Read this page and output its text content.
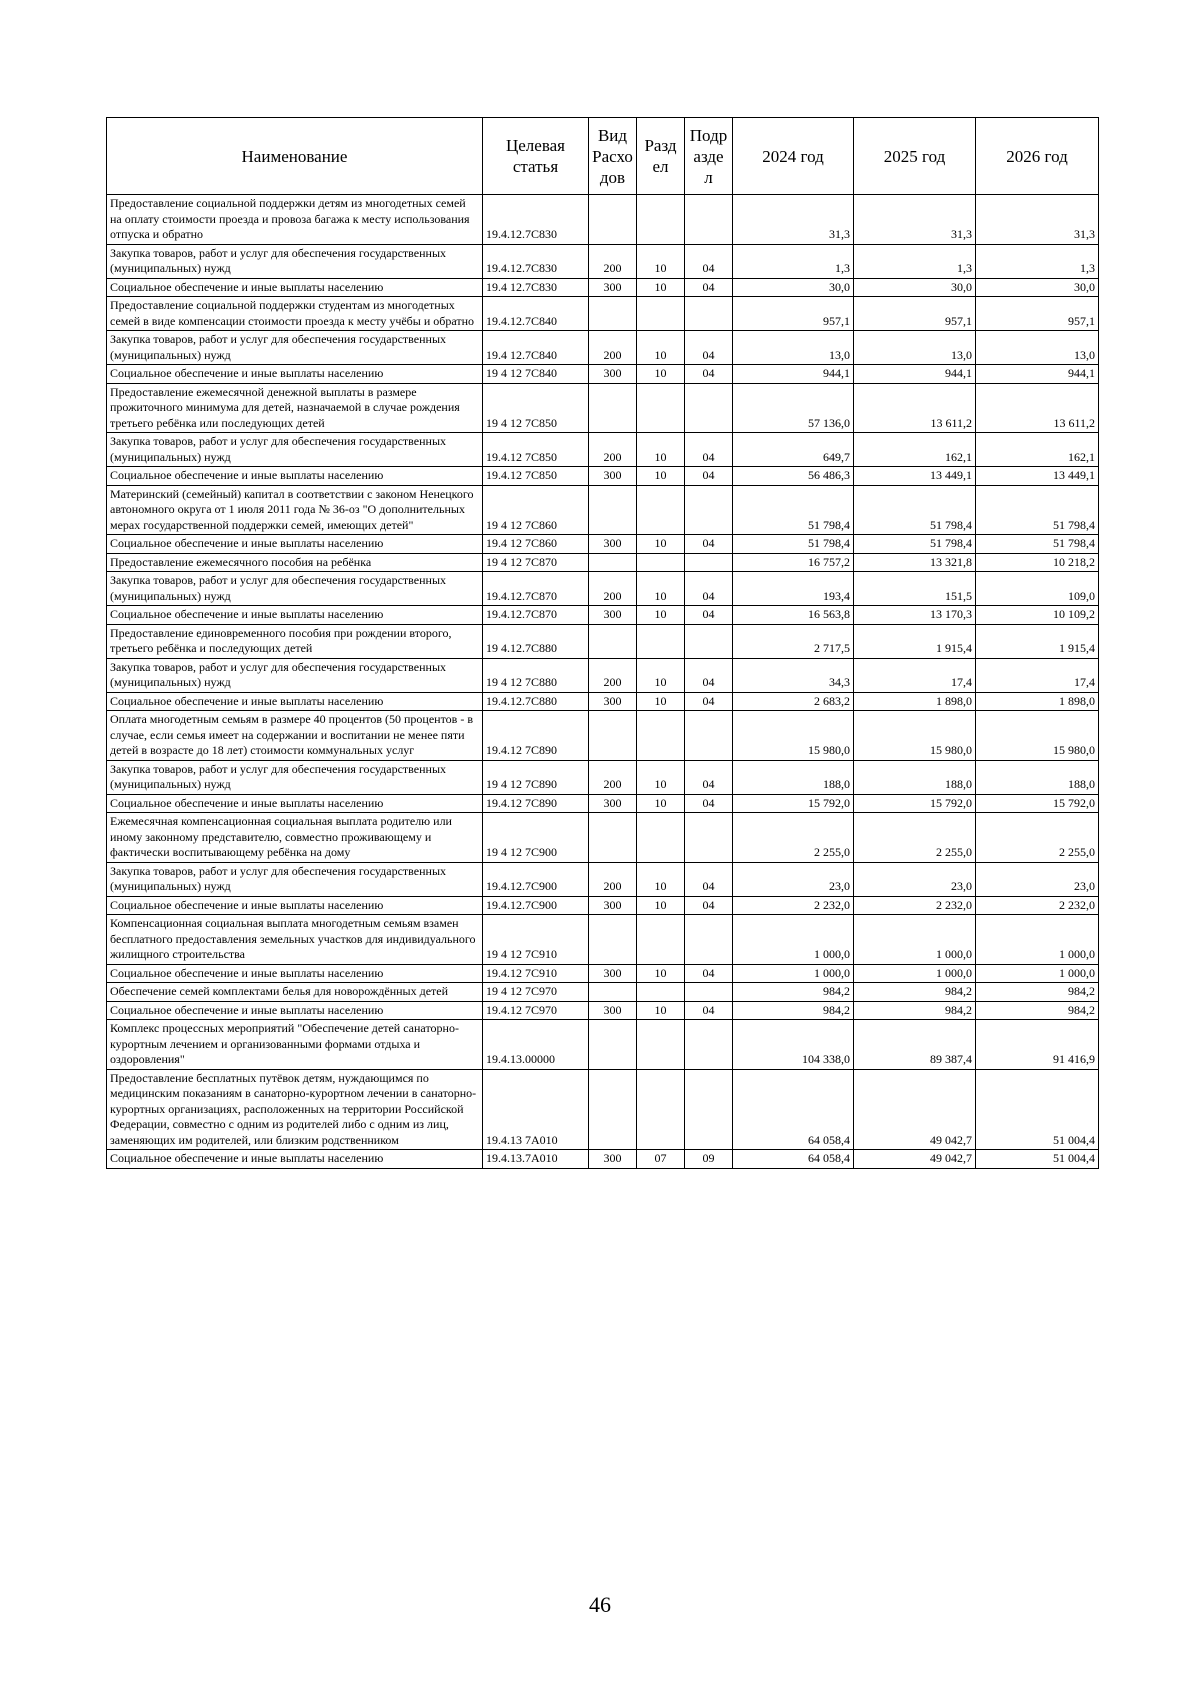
Наименование	Целевая статья	Вид Расхо дов	Разд ел	Подр азде л	2024 год	2025 год	2026 год
Предоставление социальной поддержки детям из многодетных семей на оплату стоимости проезда и провоза багажа к месту использования отпуска и обратно	19.4.12.7С830				31,3	31,3	31,3
Закупка товаров, работ и услуг для обеспечения государственных (муниципальных) нужд	19.4.12.7С830	200	10	04	1,3	1,3	1,3
Социальное обеспечение и иные выплаты населению	19.4 12.7С830	300	10	04	30,0	30,0	30,0
Предоставление социальной поддержки студентам из многодетных семей в виде компенсации стоимости проезда к месту учёбы и обратно	19.4.12.7С840				957,1	957,1	957,1
Закупка товаров, работ и услуг для обеспечения государственных (муниципальных) нужд	19.4 12.7С840	200	10	04	13,0	13,0	13,0
Социальное обеспечение и иные выплаты населению	19 4 12 7С840	300	10	04	944,1	944,1	944,1
Предоставление ежемесячной денежной выплаты в размере прожиточного минимума для детей, назначаемой в случае рождения третьего ребёнка или последующих детей	19 4 12 7С850				57 136,0	13 611,2	13 611,2
Закупка товаров, работ и услуг для обеспечения государственных (муниципальных) нужд	19.4.12 7С850	200	10	04	649,7	162,1	162,1
Социальное обеспечение и иные выплаты населению	19.4.12 7С850	300	10	04	56 486,3	13 449,1	13 449,1
Материнский (семейный) капитал в соответствии с законом Ненецкого автономного округа от 1 июля 2011 года № 36-оз "О дополнительных мерах государственной поддержки семей, имеющих детей"	19 4 12 7С860				51 798,4	51 798,4	51 798,4
Социальное обеспечение и иные выплаты населению	19.4 12 7С860	300	10	04	51 798,4	51 798,4	51 798,4
Предоставление ежемесячного пособия на ребёнка	19 4 12 7С870				16 757,2	13 321,8	10 218,2
Закупка товаров, работ и услуг для обеспечения государственных (муниципальных) нужд	19.4.12.7С870	200	10	04	193,4	151,5	109,0
Социальное обеспечение и иные выплаты населению	19.4.12.7С870	300	10	04	16 563,8	13 170,3	10 109,2
Предоставление единовременного пособия при рождении второго, третьего ребёнка и последующих детей	19 4.12.7С880				2 717,5	1 915,4	1 915,4
Закупка товаров, работ и услуг для обеспечения государственных (муниципальных) нужд	19 4 12 7С880	200	10	04	34,3	17,4	17,4
Социальное обеспечение и иные выплаты населению	19.4.12.7С880	300	10	04	2 683,2	1 898,0	1 898,0
Оплата многодетным семьям в размере 40 процентов (50 процентов - в случае, если семья имеет на содержании и воспитании не менее пяти детей в возрасте до 18 лет) стоимости коммунальных услуг	19.4.12 7С890				15 980,0	15 980,0	15 980,0
Закупка товаров, работ и услуг для обеспечения государственных (муниципальных) нужд	19 4 12 7С890	200	10	04	188,0	188,0	188,0
Социальное обеспечение и иные выплаты населению	19.4.12 7С890	300	10	04	15 792,0	15 792,0	15 792,0
Ежемесячная компенсационная социальная выплата родителю или иному законному представителю, совместно проживающему и фактически воспитывающему ребёнка на дому	19 4 12 7С900				2 255,0	2 255,0	2 255,0
Закупка товаров, работ и услуг для обеспечения государственных (муниципальных) нужд	19.4.12.7С900	200	10	04	23,0	23,0	23,0
Социальное обеспечение и иные выплаты населению	19.4.12.7С900	300	10	04	2 232,0	2 232,0	2 232,0
Компенсационная социальная выплата многодетным семьям взамен бесплатного предоставления земельных участков для индивидуального жилищного строительства	19 4 12 7С910				1 000,0	1 000,0	1 000,0
Социальное обеспечение и иные выплаты населению	19.4.12 7С910	300	10	04	1 000,0	1 000,0	1 000,0
Обеспечение семей комплектами белья для новорождённых детей	19 4 12 7С970				984,2	984,2	984,2
Социальное обеспечение и иные выплаты населению	19.4.12 7С970	300	10	04	984,2	984,2	984,2
Комплекс процессных мероприятий "Обеспечение детей санаторно-курортным лечением и организованными формами отдыха и оздоровления"	19.4.13.00000				104 338,0	89 387,4	91 416,9
Предоставление бесплатных путёвок детям, нуждающимся по медицинским показаниям в санаторно-курортном лечении в санаторно-курортных организациях, расположенных на территории Российской Федерации, совместно с одним из родителей либо с одним из лиц, заменяющих им родителей, или близким родственником	19.4.13 7А010				64 058,4	49 042,7	51 004,4
Социальное обеспечение и иные выплаты населению	19.4.13.7А010	300	07	09	64 058,4	49 042,7	51 004,4
46
